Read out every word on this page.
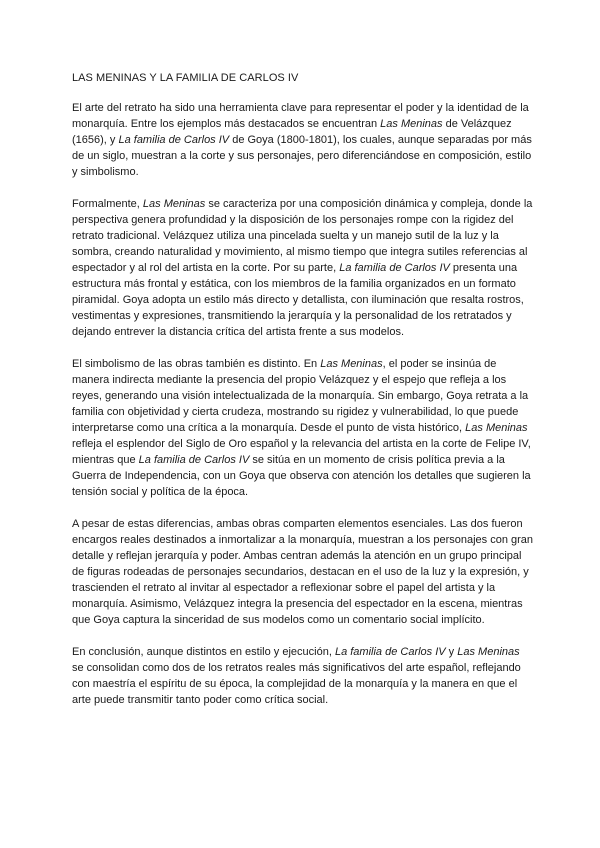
LAS MENINAS Y LA FAMILIA DE CARLOS IV

El arte del retrato ha sido una herramienta clave para representar el poder y la identidad de la monarquía. Entre los ejemplos más destacados se encuentran Las Meninas de Velázquez (1656), y La familia de Carlos IV de Goya (1800-1801), los cuales, aunque separadas por más de un siglo, muestran a la corte y sus personajes, pero diferenciándose en composición, estilo y simbolismo.

Formalmente, Las Meninas se caracteriza por una composición dinámica y compleja, donde la perspectiva genera profundidad y la disposición de los personajes rompe con la rigidez del retrato tradicional. Velázquez utiliza una pincelada suelta y un manejo sutil de la luz y la sombra, creando naturalidad y movimiento, al mismo tiempo que integra sutiles referencias al espectador y al rol del artista en la corte. Por su parte, La familia de Carlos IV presenta una estructura más frontal y estática, con los miembros de la familia organizados en un formato piramidal. Goya adopta un estilo más directo y detallista, con iluminación que resalta rostros, vestimentas y expresiones, transmitiendo la jerarquía y la personalidad de los retratados y dejando entrever la distancia crítica del artista frente a sus modelos.

El simbolismo de las obras también es distinto. En Las Meninas, el poder se insinúa de manera indirecta mediante la presencia del propio Velázquez y el espejo que refleja a los reyes, generando una visión intelectualizada de la monarquía. Sin embargo, Goya retrata a la familia con objetividad y cierta crudeza, mostrando su rigidez y vulnerabilidad, lo que puede interpretarse como una crítica a la monarquía. Desde el punto de vista histórico, Las Meninas refleja el esplendor del Siglo de Oro español y la relevancia del artista en la corte de Felipe IV, mientras que La familia de Carlos IV se sitúa en un momento de crisis política previa a la Guerra de Independencia, con un Goya que observa con atención los detalles que sugieren la tensión social y política de la época.

A pesar de estas diferencias, ambas obras comparten elementos esenciales. Las dos fueron encargos reales destinados a inmortalizar a la monarquía, muestran a los personajes con gran detalle y reflejan jerarquía y poder. Ambas centran además la atención en un grupo principal de figuras rodeadas de personajes secundarios, destacan en el uso de la luz y la expresión, y trascienden el retrato al invitar al espectador a reflexionar sobre el papel del artista y la monarquía. Asimismo, Velázquez integra la presencia del espectador en la escena, mientras que Goya captura la sinceridad de sus modelos como un comentario social implícito.

En conclusión, aunque distintos en estilo y ejecución, La familia de Carlos IV y Las Meninas se consolidan como dos de los retratos reales más significativos del arte español, reflejando con maestría el espíritu de su época, la complejidad de la monarquía y la manera en que el arte puede transmitir tanto poder como crítica social.
